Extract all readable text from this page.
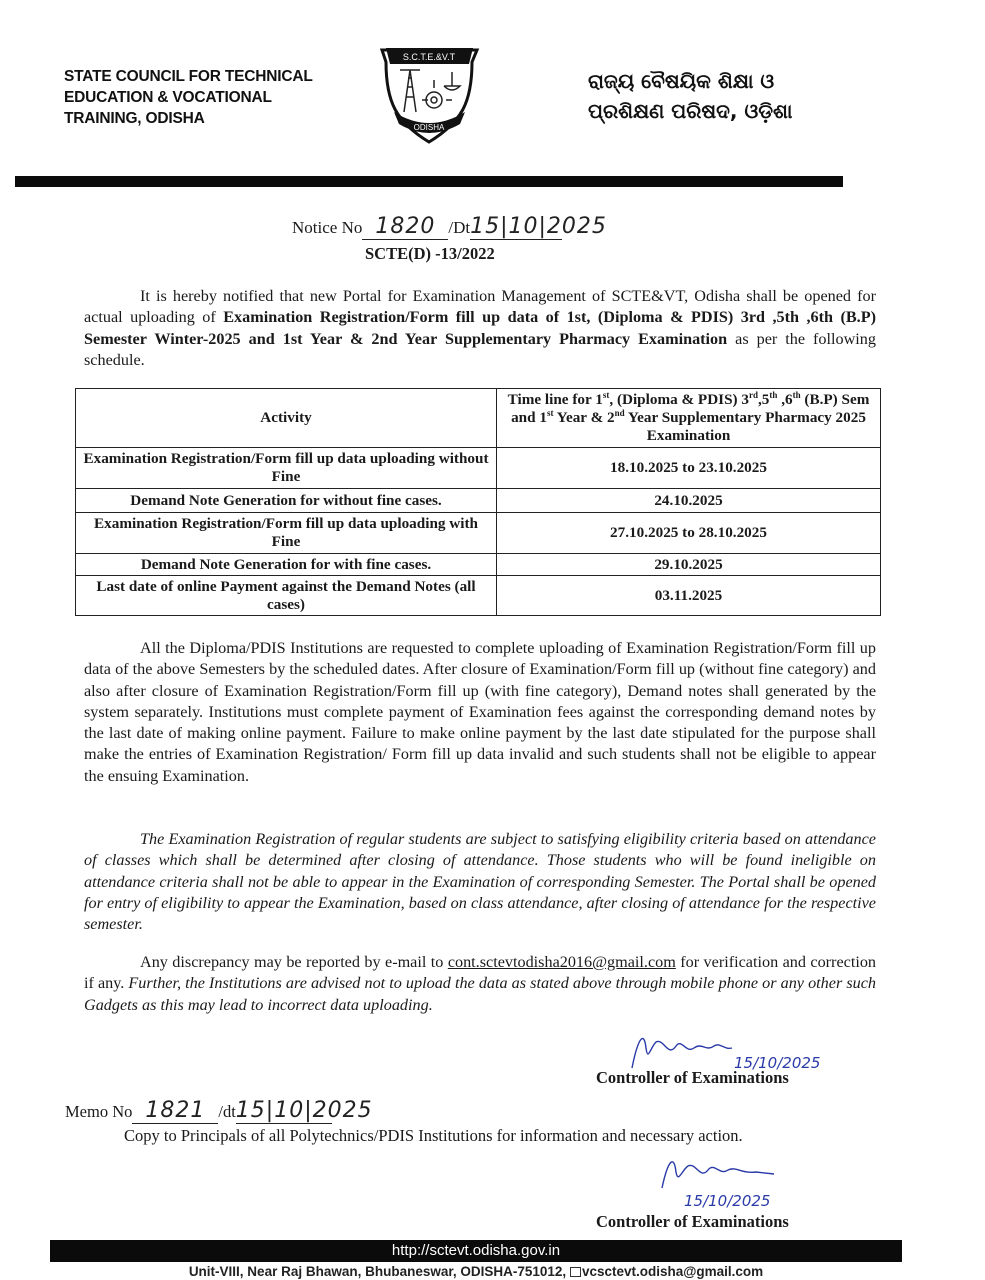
STATE COUNCIL FOR TECHNICAL
EDUCATION & VOCATIONAL
TRAINING, ODISHA
S.C.T.E.&V.T
ODISHA
ରାଜ୍ୟ ବୈଷୟିକ ଶିକ୍ଷା ଓ
ପ୍ରଶିକ୍ଷଣ ପରିଷଦ, ଓଡ଼ିଶା
Notice No 1820 /Dt15|10|2025
SCTE(D) -13/2022
It is hereby notified that new Portal for Examination Management of SCTE&VT, Odisha shall be opened for actual uploading of Examination Registration/Form fill up data of 1st, (Diploma & PDIS) 3rd ,5th ,6th (B.P) Semester Winter-2025 and 1st Year & 2nd Year Supplementary Pharmacy Examination as per the following schedule.
Activity	Time line for 1st, (Diploma & PDIS) 3rd,5th ,6th (B.P) Sem and 1st Year & 2nd Year Supplementary Pharmacy 2025 Examination
Examination Registration/Form fill up data uploading without Fine	18.10.2025 to 23.10.2025
Demand Note Generation for without fine cases.	24.10.2025
Examination Registration/Form fill up data uploading with Fine	27.10.2025 to 28.10.2025
Demand Note Generation for with fine cases.	29.10.2025
Last date of online Payment against the Demand Notes (all cases)	03.11.2025
All the Diploma/PDIS Institutions are requested to complete uploading of Examination Registration/Form fill up data of the above Semesters by the scheduled dates. After closure of Examination/Form fill up (without fine category) and also after closure of Examination Registration/Form fill up (with fine category), Demand notes shall generated by the system separately. Institutions must complete payment of Examination fees against the corresponding demand notes by the last date of making online payment. Failure to make online payment by the last date stipulated for the purpose shall make the entries of Examination Registration/ Form fill up data invalid and such students shall not be eligible to appear the ensuing Examination.
The Examination Registration of regular students are subject to satisfying eligibility criteria based on attendance of classes which shall be determined after closing of attendance. Those students who will be found ineligible on attendance criteria shall not be able to appear in the Examination of corresponding Semester. The Portal shall be opened for entry of eligibility to appear the Examination, based on class attendance, after closing of attendance for the respective semester.
Any discrepancy may be reported by e-mail to cont.sctevtodisha2016@gmail.com for verification and correction if any. Further, the Institutions are advised not to upload the data as stated above through mobile phone or any other such Gadgets as this may lead to incorrect data uploading.
15/10/2025
Controller of Examinations
Memo No 1821 /dt15|10|2025
Copy to Principals of all Polytechnics/PDIS Institutions for information and necessary action.
15/10/2025
Controller of Examinations
http://sctevt.odisha.gov.in
Unit-VIII, Near Raj Bhawan, Bhubaneswar, ODISHA-751012, vcsctevt.odisha@gmail.com
